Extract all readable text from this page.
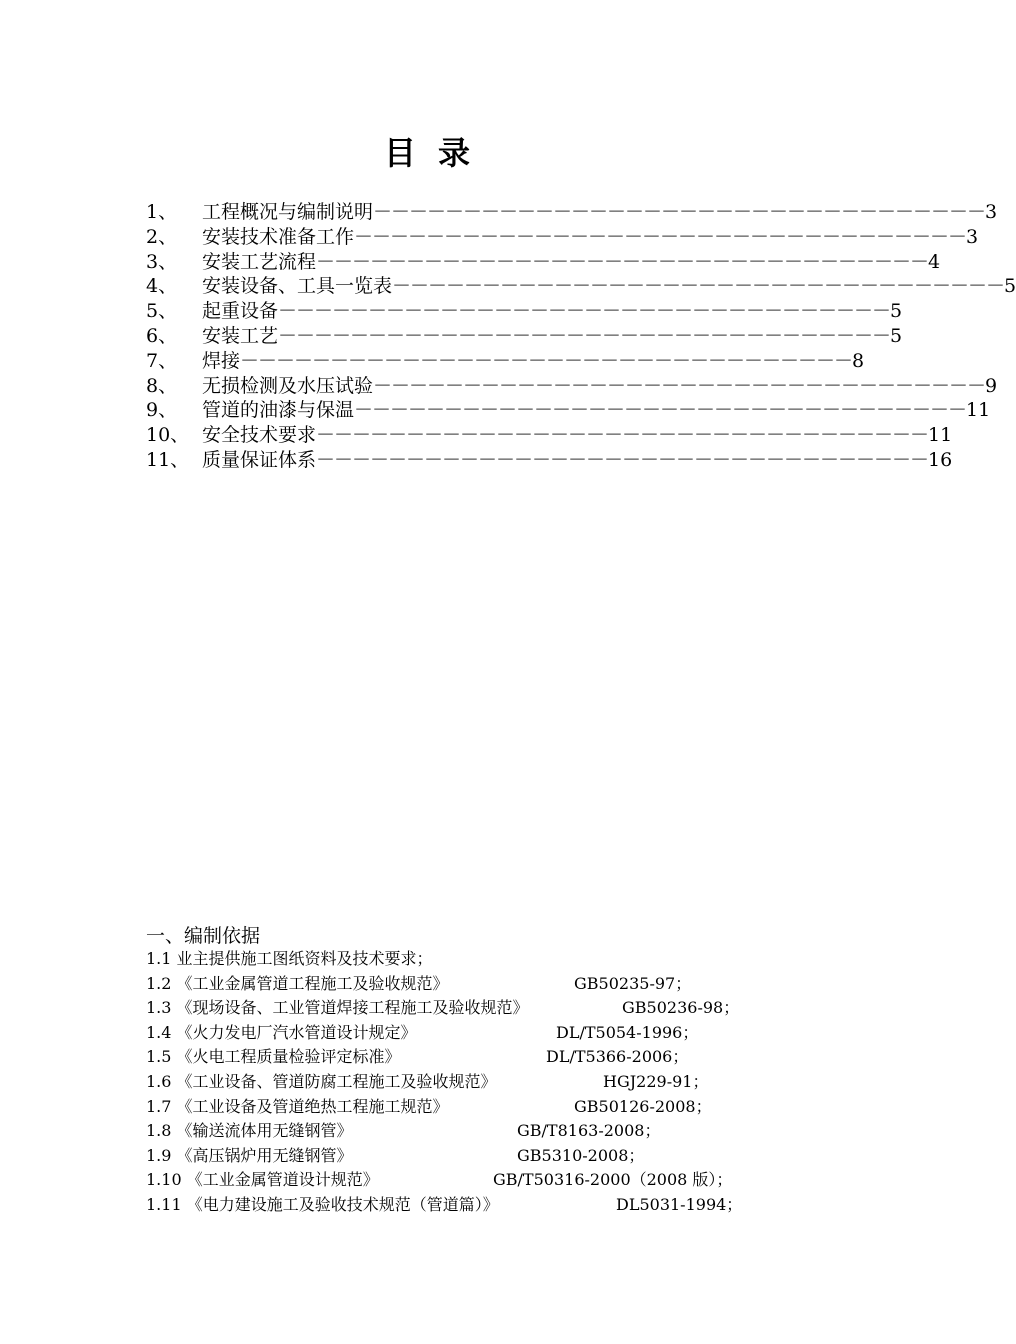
目录
1、	工程概况与编制说明 －－－－－－－－－－－－－－－－－－－－－－－－－－－－－－－－－－ 3
2、	安装技术准备工作 －－－－－－－－－－－－－－－－－－－－－－－－－－－－－－－－－－ 3
3、	安装工艺流程 －－－－－－－－－－－－－－－－－－－－－－－－－－－－－－－－－－ 4
4、	安装设备、工具一览表 －－－－－－－－－－－－－－－－－－－－－－－－－－－－－－－－－－ 5
5、	起重设备 －－－－－－－－－－－－－－－－－－－－－－－－－－－－－－－－－－ 5
6、	安装工艺 －－－－－－－－－－－－－－－－－－－－－－－－－－－－－－－－－－ 5
7、	焊接 －－－－－－－－－－－－－－－－－－－－－－－－－－－－－－－－－－ 8
8、	无损检测及水压试验 －－－－－－－－－－－－－－－－－－－－－－－－－－－－－－－－－－ 9
9、	管道的油漆与保温 －－－－－－－－－－－－－－－－－－－－－－－－－－－－－－－－－－ 11
10、 安全技术要求 －－－－－－－－－－－－－－－－－－－－－－－－－－－－－－－－－－ 11
11、 质量保证体系 －－－－－－－－－－－－－－－－－－－－－－－－－－－－－－－－－－ 16
一、编制依据
1.1 业主提供施工图纸资料及技术要求；
1.2 《工业金属管道工程施工及验收规范》	GB50235-97；
1.3 《现场设备、工业管道焊接工程施工及验收规范》	GB50236-98；
1.4 《火力发电厂汽水管道设计规定》	DL/T5054-1996；
1.5 《火电工程质量检验评定标准》	DL/T5366-2006；
1.6 《工业设备、管道防腐工程施工及验收规范》	HGJ229-91；
1.7 《工业设备及管道绝热工程施工规范》	GB50126-2008；
1.8 《输送流体用无缝钢管》	GB/T8163-2008；
1.9 《高压锅炉用无缝钢管》	GB5310-2008；
1.10 《工业金属管道设计规范》	GB/T50316-2000（2008 版）；
1.11 《电力建设施工及验收技术规范（管道篇）》	DL5031-1994；
